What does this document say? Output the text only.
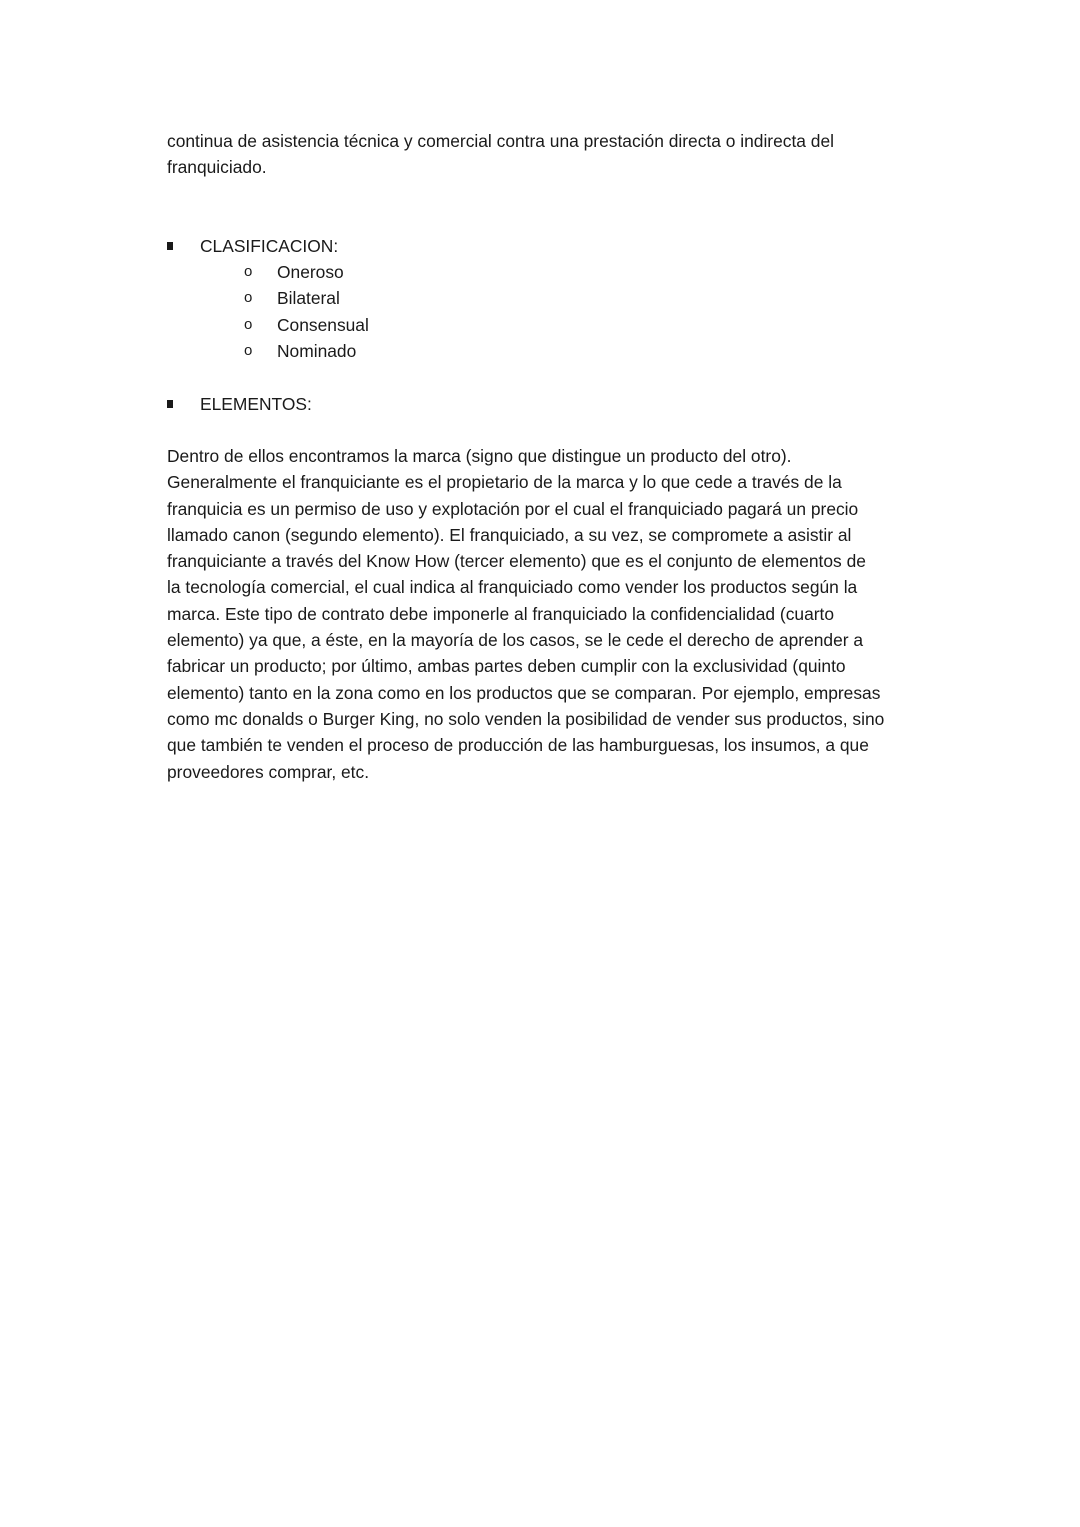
continua de asistencia técnica y comercial contra una prestación directa o indirecta del
franquiciado.

CLASIFICACION:
o Oneroso
o Bilateral
o Consensual
o Nominado
ELEMENTOS:

Dentro de ellos encontramos la marca (signo que distingue un producto del otro).
Generalmente el franquiciante es el propietario de la marca y lo que cede a través de la
franquicia es un permiso de uso y explotación por el cual el franquiciado pagará un precio
llamado canon (segundo elemento). El franquiciado, a su vez, se compromete a asistir al
franquiciante a través del Know How (tercer elemento) que es el conjunto de elementos de
la tecnología comercial, el cual indica al franquiciado como vender los productos según la
marca. Este tipo de contrato debe imponerle al franquiciado la confidencialidad (cuarto
elemento) ya que, a éste, en la mayoría de los casos, se le cede el derecho de aprender a
fabricar un producto; por último, ambas partes deben cumplir con la exclusividad (quinto
elemento) tanto en la zona como en los productos que se comparan. Por ejemplo, empresas
como mc donalds o Burger King, no solo venden la posibilidad de vender sus productos, sino
que también te venden el proceso de producción de las hamburguesas, los insumos, a que
proveedores comprar, etc.
